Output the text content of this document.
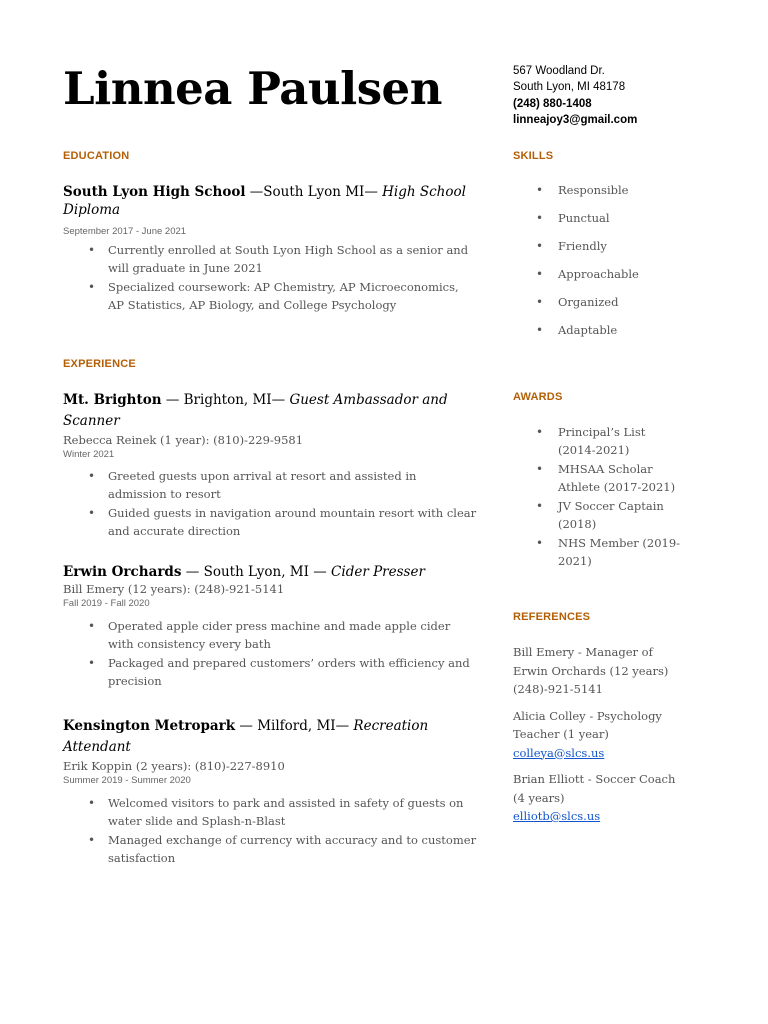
Linnea Paulsen	567 Woodland Dr.
South Lyon, MI 48178
(248) 880-1408
linneajoy3@gmail.com
EDUCATION
South Lyon High School —South Lyon MI— High School Diploma
September 2017 - June 2021
• Currently enrolled at South Lyon High School as a senior and will graduate in June 2021
• Specialized coursework: AP Chemistry, AP Microeconomics, AP Statistics, AP Biology, and College Psychology
EXPERIENCE
Mt. Brighton — Brighton, MI— Guest Ambassador and Scanner
Rebecca Reinek (1 year): (810)-229-9581
Winter 2021
• Greeted guests upon arrival at resort and assisted in admission to resort
• Guided guests in navigation around mountain resort with clear and accurate direction
Erwin Orchards — South Lyon, MI — Cider Presser
Bill Emery (12 years): (248)-921-5141
Fall 2019 - Fall 2020
• Operated apple cider press machine and made apple cider with consistency every bath
• Packaged and prepared customers’ orders with efficiency and precision
Kensington Metropark — Milford, MI— Recreation Attendant
Erik Koppin (2 years): (810)-227-8910
Summer 2019 - Summer 2020
• Welcomed visitors to park and assisted in safety of guests on water slide and Splash-n-Blast
• Managed exchange of currency with accuracy and to customer satisfaction
SKILLS
• Responsible
• Punctual
• Friendly
• Approachable
• Organized
• Adaptable
AWARDS
• Principal’s List (2014-2021)
• MHSAA Scholar Athlete (2017-2021)
• JV Soccer Captain (2018)
• NHS Member (2019-2021)
REFERENCES

Bill Emery - Manager of Erwin Orchards (12 years) (248)-921-5141

Alicia Colley - Psychology Teacher (1 year)
colleya@slcs.us

Brian Elliott - Soccer Coach (4 years)
elliotb@slcs.us
